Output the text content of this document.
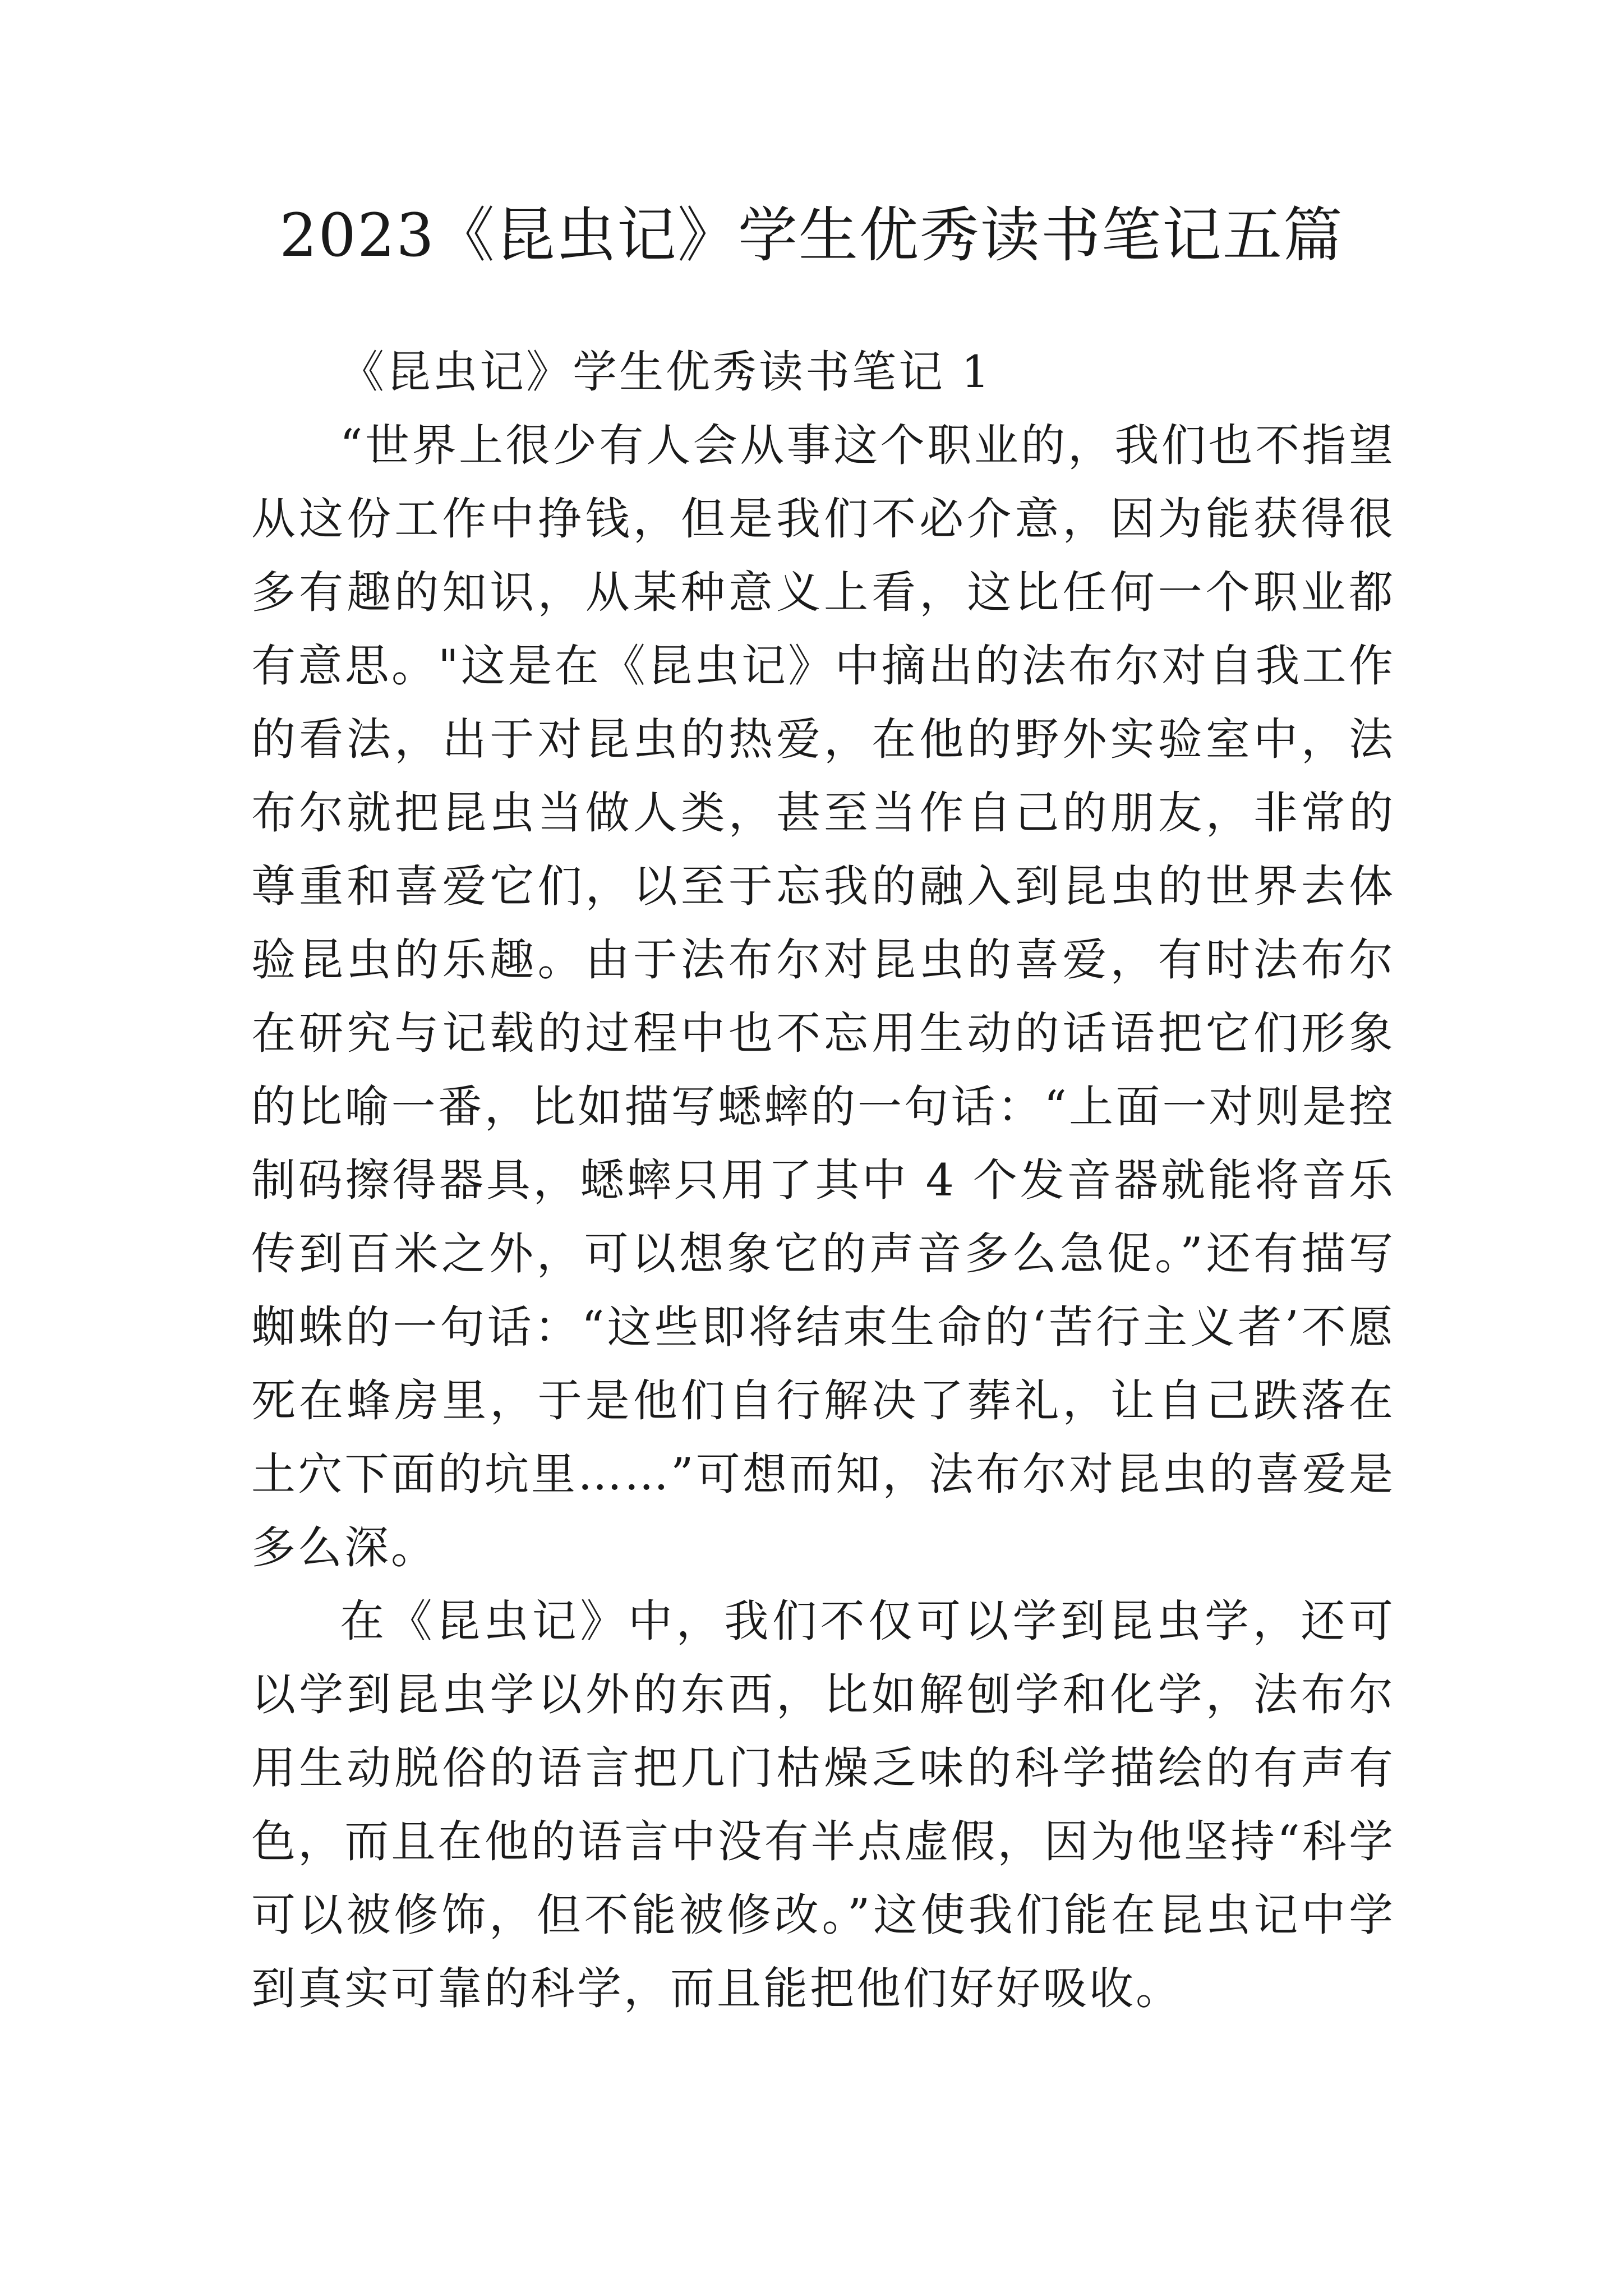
2023《昆虫记》学生优秀读书笔记五篇
《昆虫记》学生优秀读书笔记 1

“世界上很少有人会从事这个职业的，我们也不指望从这份工作中挣钱，但是我们不必介意，因为能获得很多有趣的知识，从某种意义上看，这比任何一个职业都有意思。"这是在《昆虫记》中摘出的法布尔对自我工作的看法，出于对昆虫的热爱，在他的野外实验室中，法布尔就把昆虫当做人类，甚至当作自己的朋友，非常的尊重和喜爱它们，以至于忘我的融入到昆虫的世界去体验昆虫的乐趣。由于法布尔对昆虫的喜爱，有时法布尔在研究与记载的过程中也不忘用生动的话语把它们形象的比喻一番，比如描写蟋蟀的一句话：“上面一对则是控制码擦得器具，蟋蟀只用了其中 4 个发音器就能将音乐传到百米之外，可以想象它的声音多么急促。”还有描写蜘蛛的一句话：“这些即将结束生命的‘苦行主义者’不愿死在蜂房里，于是他们自行解决了葬礼，让自己跌落在土穴下面的坑里……”可想而知，法布尔对昆虫的喜爱是多么深。

在《昆虫记》中，我们不仅可以学到昆虫学，还可以学到昆虫学以外的东西，比如解刨学和化学，法布尔用生动脱俗的语言把几门枯燥乏味的科学描绘的有声有色，而且在他的语言中没有半点虚假，因为他坚持“科学可以被修饰，但不能被修改。”这使我们能在昆虫记中学到真实可靠的科学，而且能把他们好好吸收。
